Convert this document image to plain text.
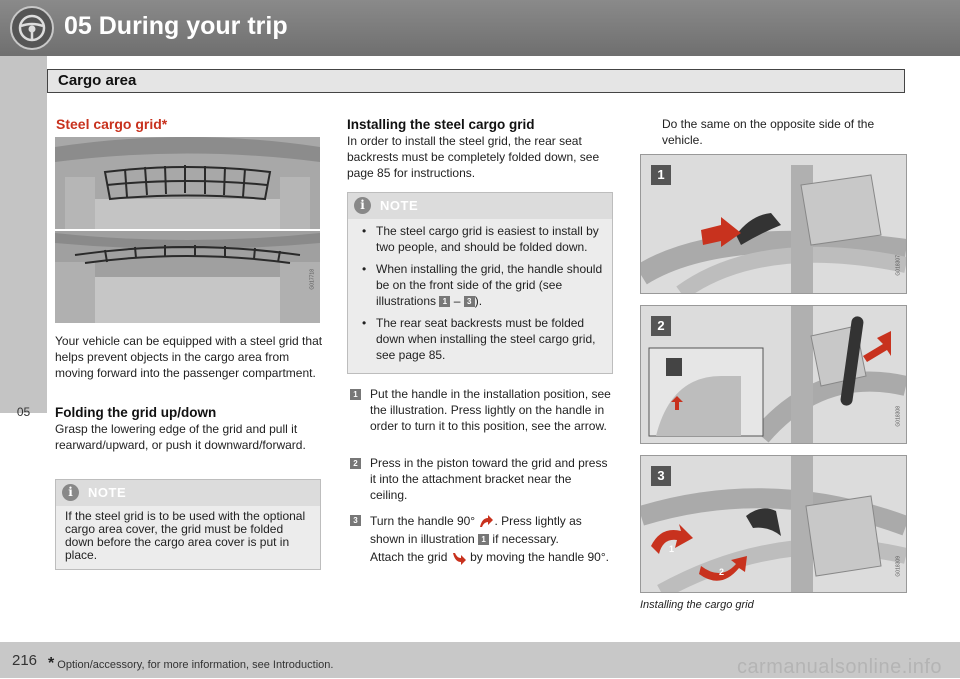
05 During your trip
05
Cargo area
Steel cargo grid*
G017718
Your vehicle can be equipped with a steel grid that helps prevent objects in the cargo area from moving forward into the passenger compartment.
Folding the grid up/down
Grasp the lowering edge of the grid and pull it rearward/upward, or push it downward/forward.
i	NOTE
If the steel grid is to be used with the optional cargo area cover, the grid must be folded down before the cargo area cover is put in place.
Installing the steel cargo grid
In order to install the steel grid, the rear seat backrests must be completely folded down, see page 85 for instructions.
i	NOTE
• The steel cargo grid is easiest to install by two people, and should be folded down.
• When installing the grid, the handle should be on the front side of the grid (see illustrations 1 – 3 ).
• The rear seat backrests must be folded down when installing the steel cargo grid, see page 85.
1 Put the handle in the installation position, see the illustration. Press lightly on the handle in order to turn it to this position, see the arrow.
2 Press in the piston toward the grid and press it into the attachment bracket near the ceiling.
3 Turn the handle 90° . Press lightly as shown in illustration 1 if necessary.
Attach the grid by moving the handle 90°.
Do the same on the opposite side of the vehicle.
1
G018307
2
G018308
1
2
3
G018309
Installing the cargo grid
216 * Option/accessory, for more information, see Introduction.	carmanualsonline.info
